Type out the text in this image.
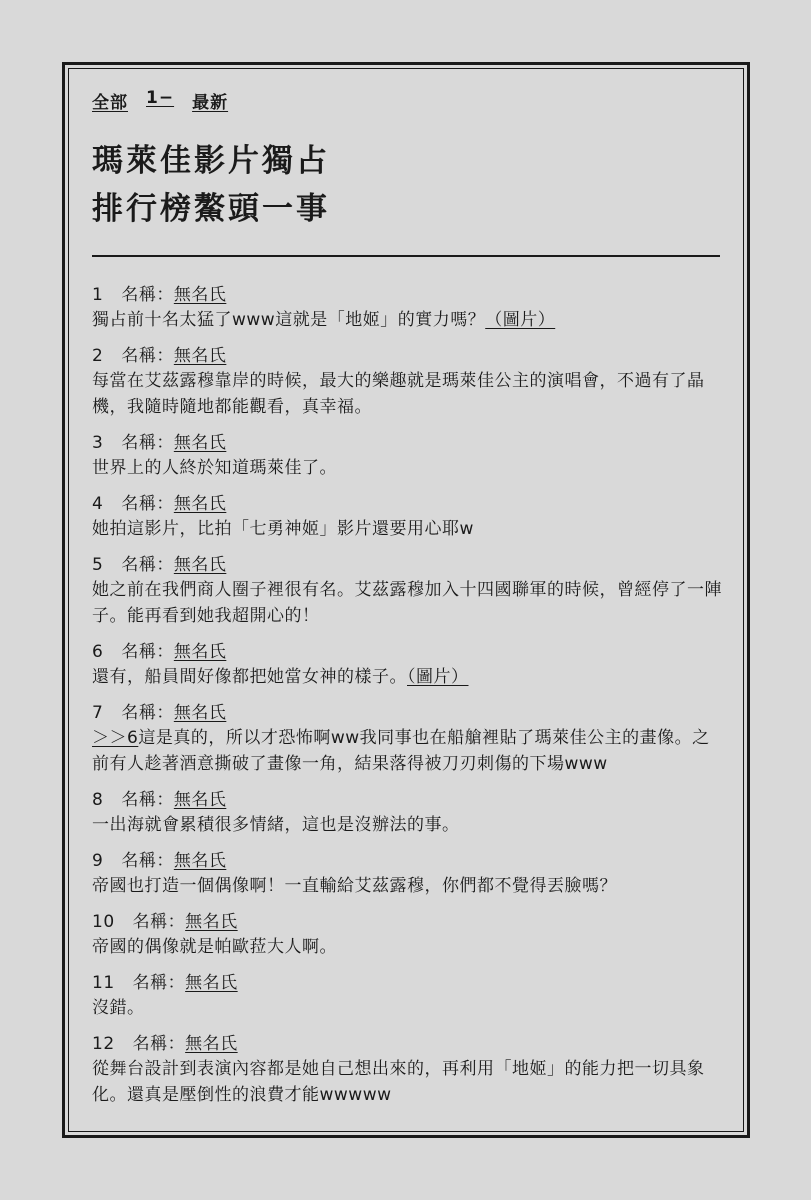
全部 1− 最新
瑪萊佳影片獨占
排行榜鰲頭一事
1 名稱：無名氏
獨占前十名太猛了www這就是「地姬」的實力嗎？（圖片）
2 名稱：無名氏
每當在艾茲露穆靠岸的時候，最大的樂趣就是瑪萊佳公主的演唱會，不過有了晶機，我隨時隨地都能觀看，真幸福。
3 名稱：無名氏
世界上的人終於知道瑪萊佳了。
4 名稱：無名氏
她拍這影片，比拍「七勇神姬」影片還要用心耶w
5 名稱：無名氏
她之前在我們商人圈子裡很有名。艾茲露穆加入十四國聯軍的時候，曾經停了一陣子。能再看到她我超開心的！
6 名稱：無名氏
還有，船員間好像都把她當女神的樣子。（圖片）
7 名稱：無名氏
＞＞6這是真的，所以才恐怖啊ww我同事也在船艙裡貼了瑪萊佳公主的畫像。之前有人趁著酒意撕破了畫像一角，結果落得被刀刃刺傷的下場www
8 名稱：無名氏
一出海就會累積很多情緒，這也是沒辦法的事。
9 名稱：無名氏
帝國也打造一個偶像啊！一直輸給艾茲露穆，你們都不覺得丟臉嗎？
10 名稱：無名氏
帝國的偶像就是帕歐菈大人啊。
11 名稱：無名氏
沒錯。
12 名稱：無名氏
從舞台設計到表演內容都是她自己想出來的，再利用「地姬」的能力把一切具象化。還真是壓倒性的浪費才能wwwww
